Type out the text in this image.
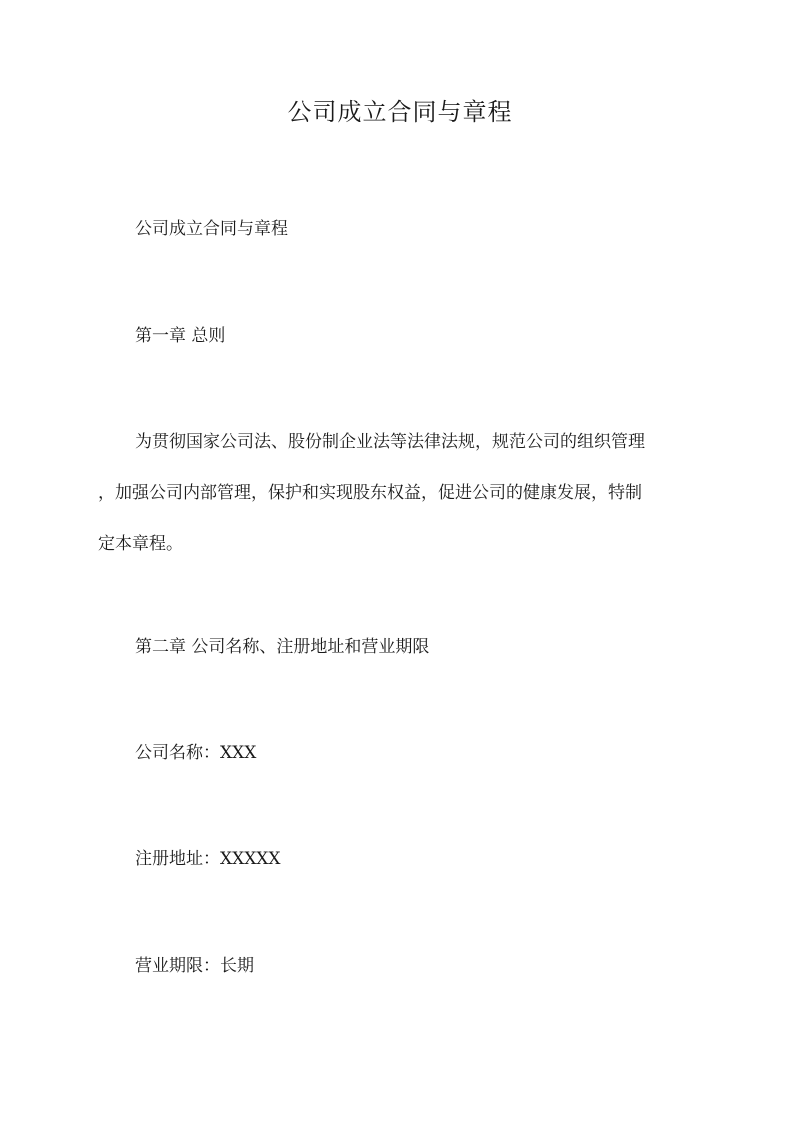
公司成立合同与章程

公司成立合同与章程

第一章 总则

为贯彻国家公司法、股份制企业法等法律法规，规范公司的组织管理
，加强公司内部管理，保护和实现股东权益，促进公司的健康发展，特制
定本章程。

第二章 公司名称、注册地址和营业期限

公司名称：XXX

注册地址：XXXXX

营业期限：长期
